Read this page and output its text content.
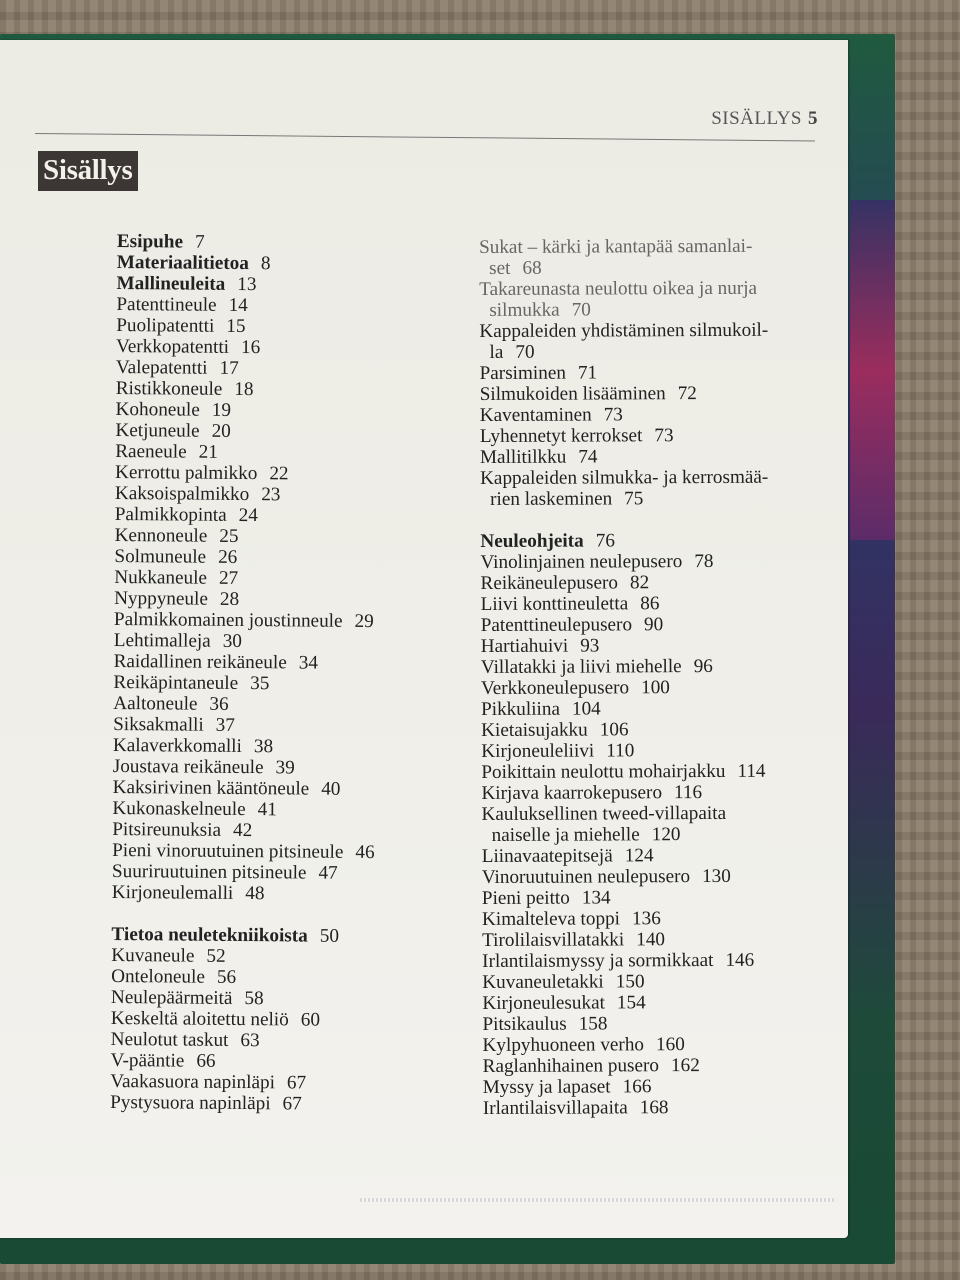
SISÄLLYS 5
Sisällys
Esipuhe 7
Materiaalitietoa 8
Mallineuleita 13
Patenttineule 14
Puolipatentti 15
Verkkopatentti 16
Valepatentti 17
Ristikkoneule 18
Kohoneule 19
Ketjuneule 20
Raeneule 21
Kerrottu palmikko 22
Kaksoispalmikko 23
Palmikkopinta 24
Kennoneule 25
Solmuneule 26
Nukkaneule 27
Nyppyneule 28
Palmikkomainen joustinneule 29
Lehtimalleja 30
Raidallinen reikäneule 34
Reikäpintaneule 35
Aaltoneule 36
Siksakmalli 37
Kalaverkkomalli 38
Joustava reikäneule 39
Kaksirivinen kääntöneule 40
Kukonaskelneule 41
Pitsireunuksia 42
Pieni vinoruutuinen pitsineule 46
Suuriruutuinen pitsineule 47
Kirjoneulemalli 48
Tietoa neuletekniikoista 50
Kuvaneule 52
Onteloneule 56
Neulepäärmeitä 58
Keskeltä aloitettu neliö 60
Neulotut taskut 63
V-pääntie 66
Vaakasuora napinläpi 67
Pystysuora napinläpi 67
Sukat – kärki ja kantapää samanlai-
set 68
Takareunasta neulottu oikea ja nurja
silmukka 70
Kappaleiden yhdistäminen silmukoil-
la 70
Parsiminen 71
Silmukoiden lisääminen 72
Kaventaminen 73
Lyhennetyt kerrokset 73
Mallitilkku 74
Kappaleiden silmukka- ja kerrosmää-
rien laskeminen 75
Neuleohjeita 76
Vinolinjainen neulepusero 78
Reikäneulepusero 82
Liivi konttineuletta 86
Patenttineulepusero 90
Hartiahuivi 93
Villatakki ja liivi miehelle 96
Verkkoneulepusero 100
Pikkuliina 104
Kietaisujakku 106
Kirjoneuleliivi 110
Poikittain neulottu mohairjakku 114
Kirjava kaarrokepusero 116
Kauluksellinen tweed-villapaita
naiselle ja miehelle 120
Liinavaatepitsejä 124
Vinoruutuinen neulepusero 130
Pieni peitto 134
Kimalteleva toppi 136
Tirolilaisvillatakki 140
Irlantilaismyssy ja sormikkaat 146
Kuvaneuletakki 150
Kirjoneulesukat 154
Pitsikaulus 158
Kylpyhuoneen verho 160
Raglanhihainen pusero 162
Myssy ja lapaset 166
Irlantilaisvillapaita 168
